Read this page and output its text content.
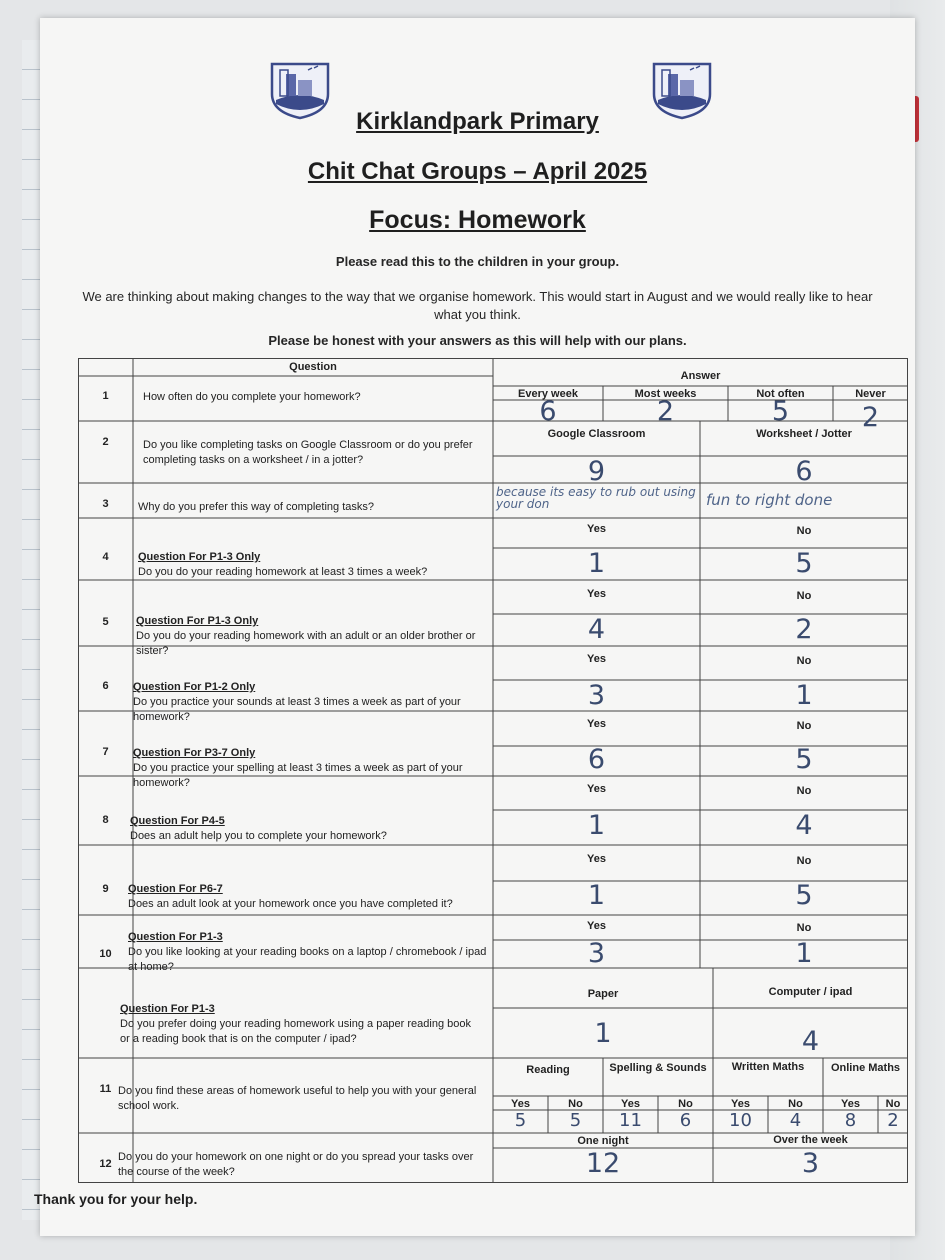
Kirklandpark Primary
Chit Chat Groups – April 2025
Focus: Homework
Please read this to the children in your group.
We are thinking about making changes to the way that we organise homework. This would start in August and we would really like to hear what you think.
Please be honest with your answers as this will help with our plans.
Question
Answer
1	How often do you complete your homework?	Every week	Most weeks	Not often	Never
6	2	5	2
2	Do you like completing tasks on Google Classroom or do you prefer completing tasks on a worksheet / in a jotter?
Google Classroom	Worksheet / Jotter
9	6
3	Why do you prefer this way of completing tasks?
because its easy to rub out using your don	fun to right done
4	Question For P1-3 Only
Do you do your reading homework at least 3 times a week?
Yes	No
1	5
5	Question For P1-3 Only
Do you do your reading homework with an adult or an older brother or sister?
Yes	No
4	2
6	Question For P1-2 Only
Do you practice your sounds at least 3 times a week as part of your homework?
Yes	No
3	1
7	Question For P3-7 Only
Do you practice your spelling at least 3 times a week as part of your homework?
Yes	No
6	5
8	Question For P4-5
Does an adult help you to complete your homework?
Yes	No
1	4
9	Question For P6-7
Does an adult look at your homework once you have completed it?
Yes	No
1	5
10
Question For P1-3
Do you like looking at your reading books on a laptop / chromebook / ipad at home?
Yes	No
3	1
Question For P1-3
Do you prefer doing your reading homework using a paper reading book or a reading book that is on the computer / ipad?
Paper	Computer / ipad
1	4
11 Do you find these areas of homework useful to help you with your general school work.
Reading	Spelling & Sounds	Written Maths	Online Maths
Yes	No	Yes	No	Yes	No	Yes	No
5	5	11	6	10	4	8	2
12
Do you do your homework on one night or do you spread your tasks over the course of the week?
One night	Over the week
12	3
Thank you for your help.
